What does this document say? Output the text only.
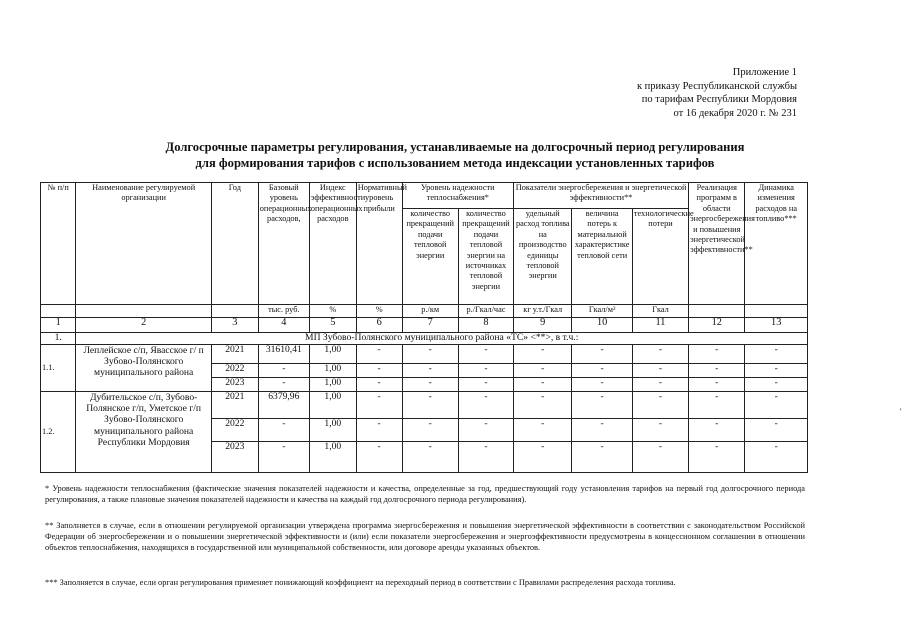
Приложение 1
к приказу Республиканской службы
по тарифам Республики Мордовия
от 16 декабря 2020 г. № 231
Долгосрочные параметры регулирования, устанавливаемые на долгосрочный период регулирования
для формирования тарифов с использованием метода индексации установленных тарифов
№ п/п	Наименование регулируемой организации	Год	Базовый уровень операционных расходов,	Индекс эффективности операционных расходов	Нормативный уровень прибыли	Уровень надежности теплоснабжения*		Показатели энергосбережения и энергетической эффективности**			Реализация программ в области энергосбережения и повышения энергетической эффективности**	Динамика изменения расходов на топливо***
						количество прекращений подачи тепловой энергии	количество прекращений подачи тепловой энергии на источниках тепловой энергии	удельный расход топлива на производство единицы тепловой энергии	величина потерь к материальной характеристике тепловой сети	технологические потери		
			тыс. руб.	%	%	р./км	р./Гкал/час	кг у.т./Гкал	Гкал/м²	Гкал		
1	2	3	4	5	6	7	8	9	10	11	12	13
1.	МП Зубово-Полянского муниципального района «ТС» <**>, в т.ч.:											
1.1.	Леплейское с/п, Явасское г/ п Зубово-Полянского муниципального района	2021	31610,41	1,00	-	-	-	-	-	-	-	-
		2022	-	1,00	-	-	-	-	-	-	-	-
		2023	-	1,00	-	-	-	-	-	-	-	-
1.2.	Дубительское с/п, Зубово-Полянское г/п, Уметское г/п Зубово-Полянского муниципального района Республики Мордовия	2021	6379,96	1,00	-	-	-	-	-	-	-	-
		2022	-	1,00	-	-	-	-	-	-	-	-
		2023	-	1,00	-	-	-	-	-	-	-	-
* Уровень надежности теплоснабжения (фактические значения показателей надежности и качества, определенные за год, предшествующий году установления тарифов на первый год долгосрочного периода регулирования, а также плановые значения показателей надежности и качества на каждый год долгосрочного периода регулирования).
** Заполняется в случае, если в отношении регулируемой организации утверждена программа энергосбережения и повышения энергетической эффективности в соответствии с законодательством Российской Федерации об энергосбережении и о повышении энергетической эффективности и (или) если показатели энергосбережения и энергоэффективности предусмотрены в концессионном соглашении в отношении объектов теплоснабжения, находящихся в государственной или муниципальной собственности, или договоре аренды указанных объектов.
*** Заполняется в случае, если орган регулирования применяет понижающий коэффициент на переходный период в соответствии с Правилами распределения расхода топлива.
'
